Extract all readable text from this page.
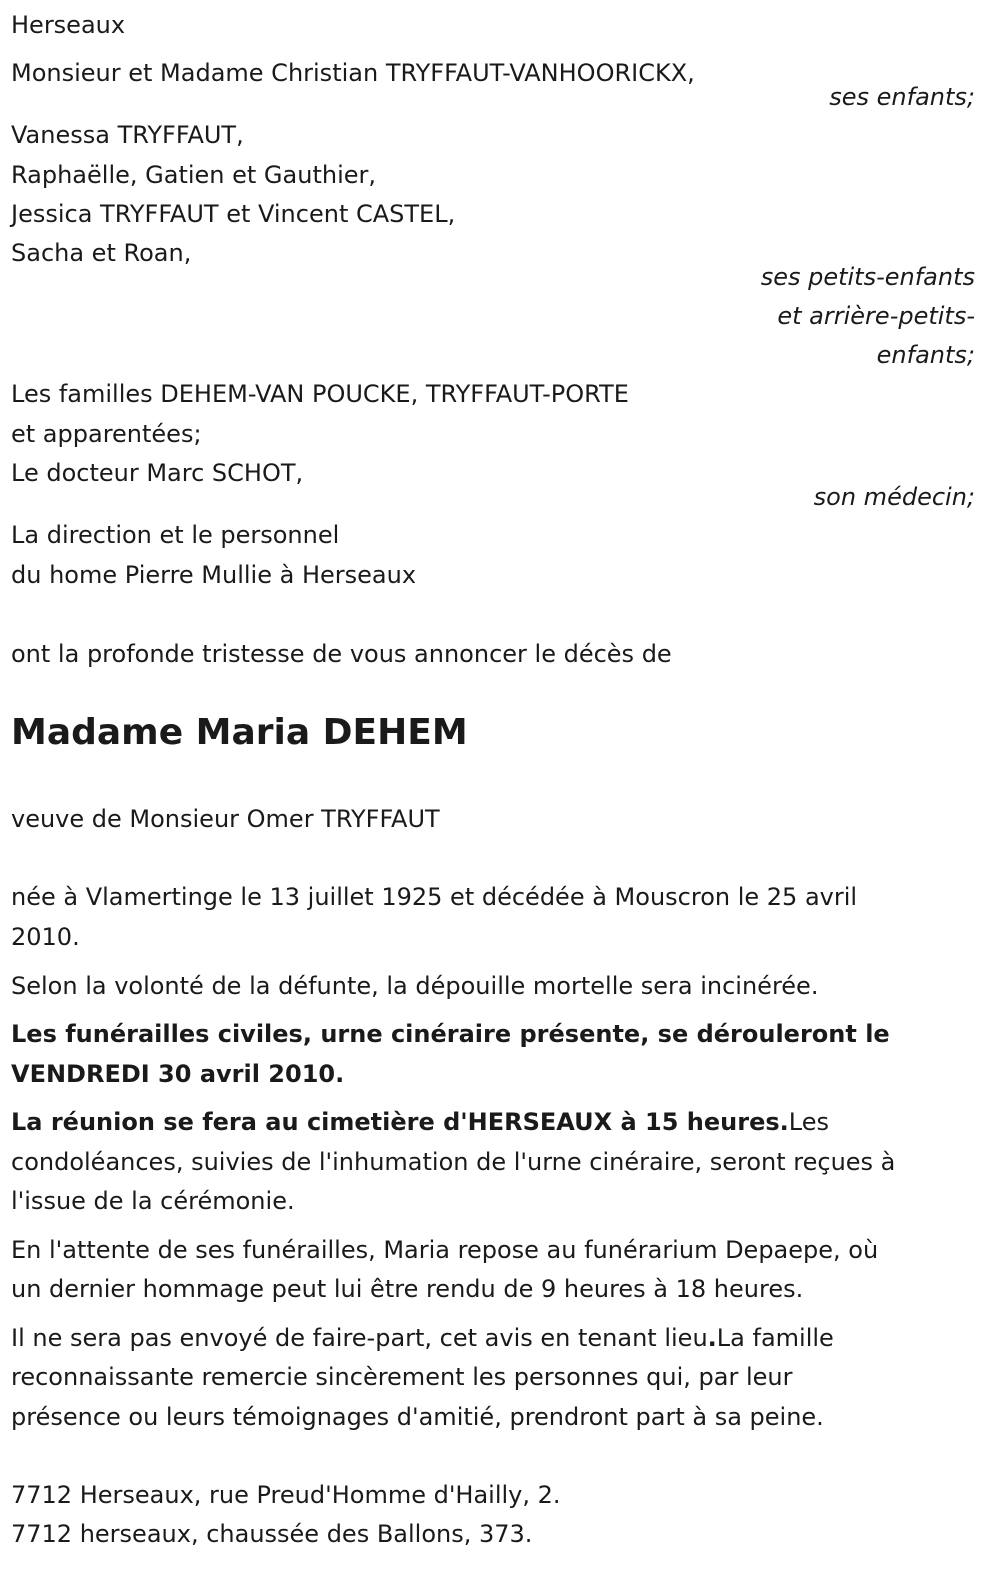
Herseaux
Monsieur et Madame Christian TRYFFAUT-VANHOORICKX,
ses enfants;
Vanessa TRYFFAUT,
Raphaëlle, Gatien et Gauthier,
Jessica TRYFFAUT et Vincent CASTEL,
Sacha et Roan,
ses petits-enfants
et arrière-petits-
enfants;
Les familles DEHEM-VAN POUCKE, TRYFFAUT-PORTE
et apparentées;
Le docteur Marc SCHOT,
son médecin;
La direction et le personnel
du home Pierre Mullie à Herseaux
ont la profonde tristesse de vous annoncer le décès de
Madame Maria DEHEM
veuve de Monsieur Omer TRYFFAUT
née à Vlamertinge le 13 juillet 1925 et décédée à Mouscron le 25 avril
2010.
Selon la volonté de la défunte, la dépouille mortelle sera incinérée.
Les funérailles civiles, urne cinéraire présente, se dérouleront le
VENDREDI 30 avril 2010.
La réunion se fera au cimetière d'HERSEAUX à 15 heures.Les
condoléances, suivies de l'inhumation de l'urne cinéraire, seront reçues à
l'issue de la cérémonie.
En l'attente de ses funérailles, Maria repose au funérarium Depaepe, où
un dernier hommage peut lui être rendu de 9 heures à 18 heures.
Il ne sera pas envoyé de faire-part, cet avis en tenant lieu.La famille
reconnaissante remercie sincèrement les personnes qui, par leur
présence ou leurs témoignages d'amitié, prendront part à sa peine.
7712 Herseaux, rue Preud'Homme d'Hailly, 2.
7712 herseaux, chaussée des Ballons, 373.
